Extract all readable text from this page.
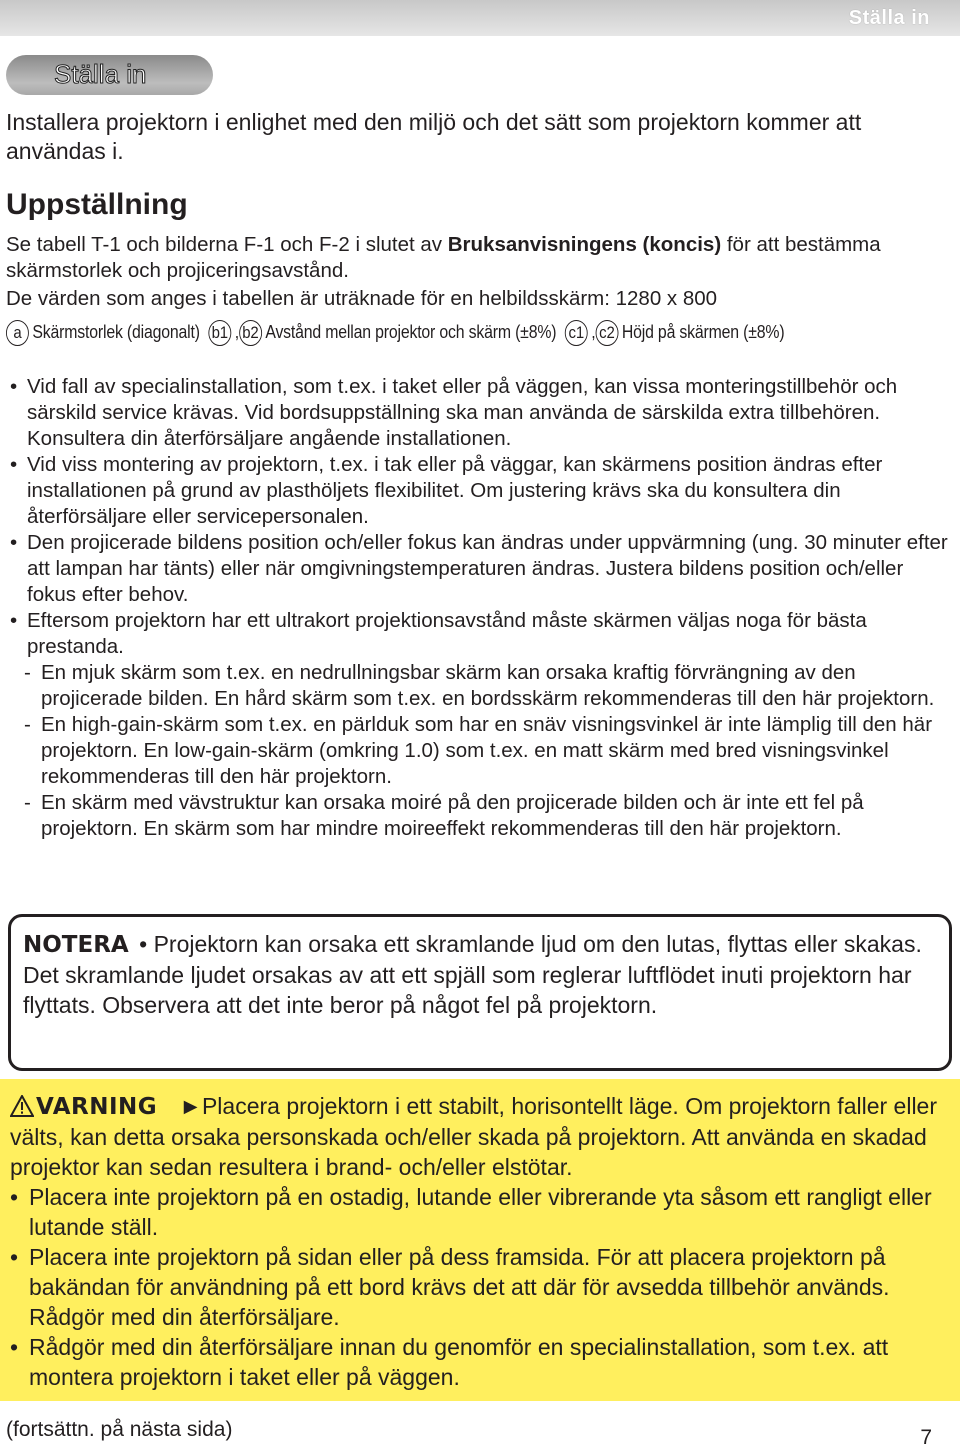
Ställa in
Ställa in

Installera projektorn i enlighet med den miljö och det sätt som projektorn kommer att användas i.

Uppställning

Se tabell T-1 och bilderna F-1 och F-2 i slutet av Bruksanvisningens (koncis) för att bestämma skärmstorlek och projiceringsavstånd.

De värden som anges i tabellen är uträknade för en helbildsskärm: 1280 x 800

a Skärmstorlek (diagonalt) b1 , b2 Avstånd mellan projektor och skärm (±8%) c1 , c2 Höjd på skärmen (±8%)
• Vid fall av specialinstallation, som t.ex. i taket eller på väggen, kan vissa monteringstillbehör och särskild service krävas. Vid bordsuppställning ska man använda de särskilda extra tillbehören. Konsultera din återförsäljare angående installationen.
• Vid viss montering av projektorn, t.ex. i tak eller på väggar, kan skärmens position ändras efter installationen på grund av plasthöljets flexibilitet. Om justering krävs ska du konsultera din återförsäljare eller servicepersonalen.
• Den projicerade bildens position och/eller fokus kan ändras under uppvärmning (ung. 30 minuter efter att lampan har tänts) eller när omgivningstemperaturen ändras. Justera bildens position och/eller fokus efter behov.
• Eftersom projektorn har ett ultrakort projektionsavstånd måste skärmen väljas noga för bästa prestanda.
- En mjuk skärm som t.ex. en nedrullningsbar skärm kan orsaka kraftig förvrängning av den projicerade bilden. En hård skärm som t.ex. en bordsskärm rekommenderas till den här projektorn.
- En high-gain-skärm som t.ex. en pärlduk som har en snäv visningsvinkel är inte lämplig till den här projektorn. En low-gain-skärm (omkring 1.0) som t.ex. en matt skärm med bred visningsvinkel rekommenderas till den här projektorn.
- En skärm med vävstruktur kan orsaka moiré på den projicerade bilden och är inte ett fel på projektorn. En skärm som har mindre moireeffekt rekommenderas till den här projektorn.
NOTERA • Projektorn kan orsaka ett skramlande ljud om den lutas, flyttas eller skakas. Det skramlande ljudet orsakas av att ett spjäll som reglerar luftflödet inuti projektorn har flyttats. Observera att det inte beror på något fel på projektorn.
VARNING ►Placera projektorn i ett stabilt, horisontellt läge. Om projektorn faller eller välts, kan detta orsaka personskada och/eller skada på projektorn. Att använda en skadad projektor kan sedan resultera i brand- och/eller elstötar.
• Placera inte projektorn på en ostadig, lutande eller vibrerande yta såsom ett rangligt eller lutande ställ.
• Placera inte projektorn på sidan eller på dess framsida. För att placera projektorn på bakändan för användning på ett bord krävs det att där för avsedda tillbehör används. Rådgör med din återförsäljare.
• Rådgör med din återförsäljare innan du genomför en specialinstallation, som t.ex. att montera projektorn i taket eller på väggen.
(fortsättn. på nästa sida)	7
